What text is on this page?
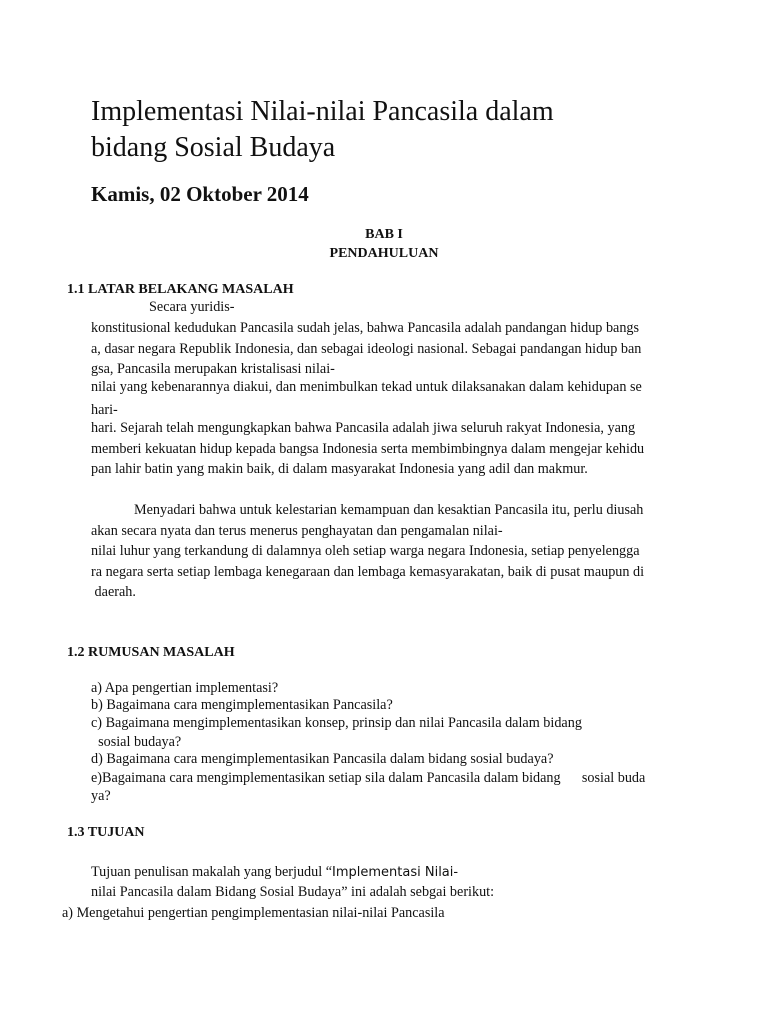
Implementasi Nilai-nilai Pancasila dalam
bidang Sosial Budaya
Kamis, 02 Oktober 2014
BAB I
PENDAHULUAN
1.1 LATAR BELAKANG MASALAH
Secara yuridis-
konstitusional kedudukan Pancasila sudah jelas, bahwa Pancasila adalah pandangan hidup bangs
a, dasar negara Republik Indonesia, dan sebagai ideologi nasional. Sebagai pandangan hidup ban
gsa, Pancasila merupakan kristalisasi nilai-
nilai yang kebenarannya diakui, dan menimbulkan tekad untuk dilaksanakan dalam kehidupan se
hari-
hari. Sejarah telah mengungkapkan bahwa Pancasila adalah jiwa seluruh rakyat Indonesia, yang
memberi kekuatan hidup kepada bangsa Indonesia serta membimbingnya dalam mengejar kehidu
pan lahir batin yang makin baik, di dalam masyarakat Indonesia yang adil dan makmur.
Menyadari bahwa untuk kelestarian kemampuan dan kesaktian Pancasila itu, perlu diusah
akan secara nyata dan terus menerus penghayatan dan pengamalan nilai-
nilai luhur yang terkandung di dalamnya oleh setiap warga negara Indonesia, setiap penyelengga
ra negara serta setiap lembaga kenegaraan dan lembaga kemasyarakatan, baik di pusat maupun di
daerah.
1.2 RUMUSAN MASALAH
a) Apa pengertian implementasi?
b) Bagaimana cara mengimplementasikan Pancasila?
c) Bagaimana mengimplementasikan konsep, prinsip dan nilai Pancasila dalam bidang
sosial budaya?
d) Bagaimana cara mengimplementasikan Pancasila dalam bidang sosial budaya?
e)Bagaimana cara mengimplementasikan setiap sila dalam Pancasila dalam bidang      sosial buda
ya?
1.3 TUJUAN
Tujuan penulisan makalah yang berjudul “Implementasi Nilai-
nilai Pancasila dalam Bidang Sosial Budaya” ini adalah sebgai berikut:
a) Mengetahui pengertian pengimplementasian nilai-nilai Pancasila
